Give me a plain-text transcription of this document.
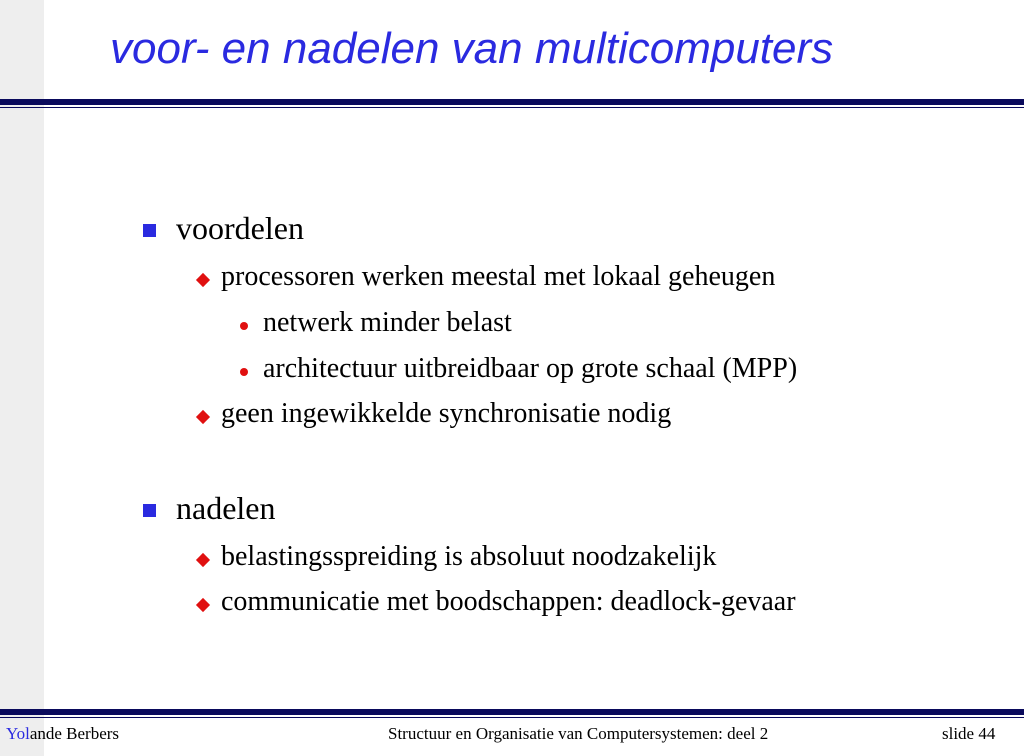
voor- en nadelen van multicomputers
voordelen
processoren werken meestal met lokaal geheugen
netwerk minder belast
architectuur uitbreidbaar op grote schaal (MPP)
geen ingewikkelde synchronisatie nodig
nadelen
belastingsspreiding is absoluut noodzakelijk
communicatie met boodschappen: deadlock-gevaar
Yolande Berbers	Structuur en Organisatie van Computersystemen: deel 2	slide 44
